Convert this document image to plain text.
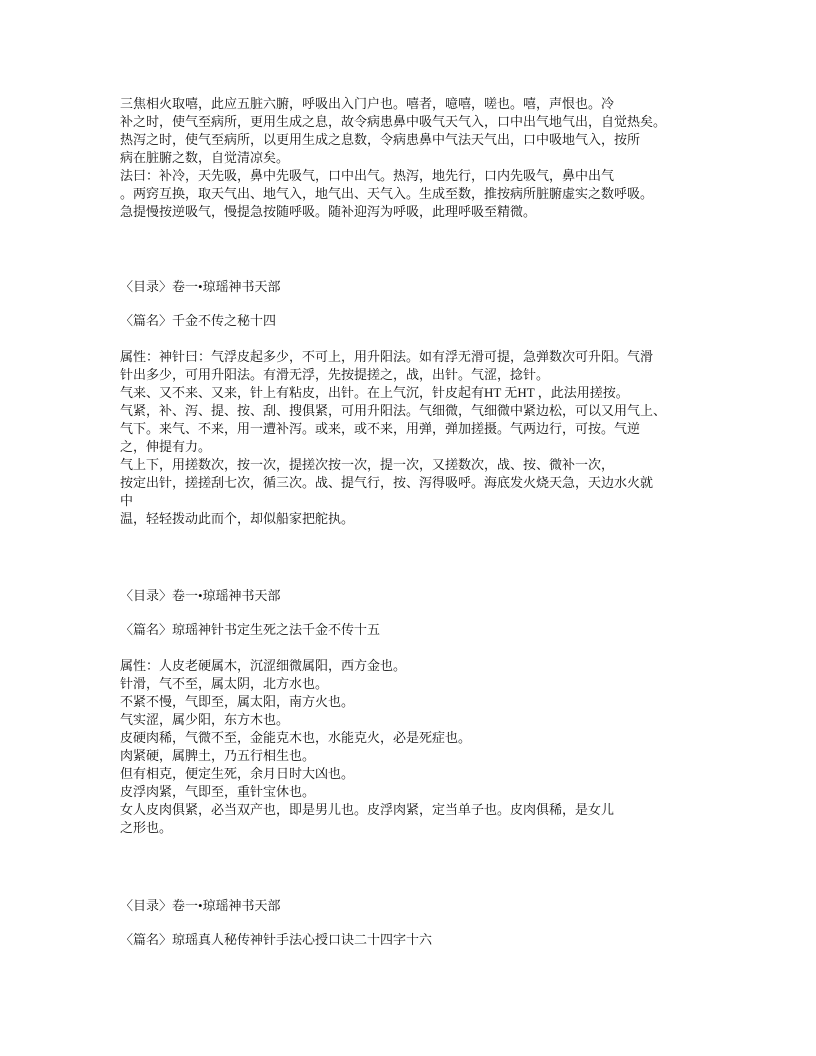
三焦相火取嘻，此应五脏六腑，呼吸出入门户也。嘻者，噫嘻，嗟也。嘻，声恨也。冷
补之时，使气至病所，更用生成之息，故令病患鼻中吸气天气入，口中出气地气出，自觉热矣。
热泻之时，使气至病所，以更用生成之息数，令病患鼻中气法天气出，口中吸地气入，按所
病在脏腑之数，自觉清凉矣。
法曰：补冷，天先吸，鼻中先吸气，口中出气。热泻，地先行，口内先吸气，鼻中出气
。两窍互换，取天气出、地气入，地气出、天气入。生成至数，推按病所脏腑虚实之数呼吸。
急提慢按逆吸气，慢提急按随呼吸。随补迎泻为呼吸，此理呼吸至精微。
〈目录〉卷一•琼瑶神书天部
〈篇名〉千金不传之秘十四
属性：神针曰：气浮皮起多少，不可上，用升阳法。如有浮无滑可提，急弹数次可升阳。气滑
针出多少，可用升阳法。有滑无浮，先按提搓之，战，出针。气涩，捻针。
气来、又不来、又来，针上有粘皮，出针。在上气沉，针皮起有HT 无HT ，此法用搓按。
气紧，补、泻、提、按、刮、搜俱紧，可用升阳法。气细微，气细微中紧边松，可以又用气上、
气下。来气、不来，用一遭补泻。或来，或不来，用弹，弹加搓摄。气两边行，可按。气逆
之，伸提有力。
气上下，用搓数次，按一次，提搓次按一次，提一次，又搓数次，战、按、微补一次，
按定出针，搓搓刮七次，循三次。战、提气行，按、泻得吸呼。海底发火烧天急，天边水火就
中
温，轻轻拨动此而个，却似船家把舵执。
〈目录〉卷一•琼瑶神书天部
〈篇名〉琼瑶神针书定生死之法千金不传十五
属性：人皮老硬属木，沉涩细微属阳，西方金也。
针滑，气不至，属太阴，北方水也。
不紧不慢，气即至，属太阳，南方火也。
气实涩，属少阳，东方木也。
皮硬肉稀，气微不至，金能克木也，水能克火，必是死症也。
肉紧硬，属脾土，乃五行相生也。
但有相克，便定生死，余月日时大凶也。
皮浮肉紧，气即至，重针宝休也。
女人皮肉俱紧，必当双产也，即是男儿也。皮浮肉紧，定当单子也。皮肉俱稀，是女儿
之形也。
〈目录〉卷一•琼瑶神书天部
〈篇名〉琼瑶真人秘传神针手法心授口诀二十四字十六
